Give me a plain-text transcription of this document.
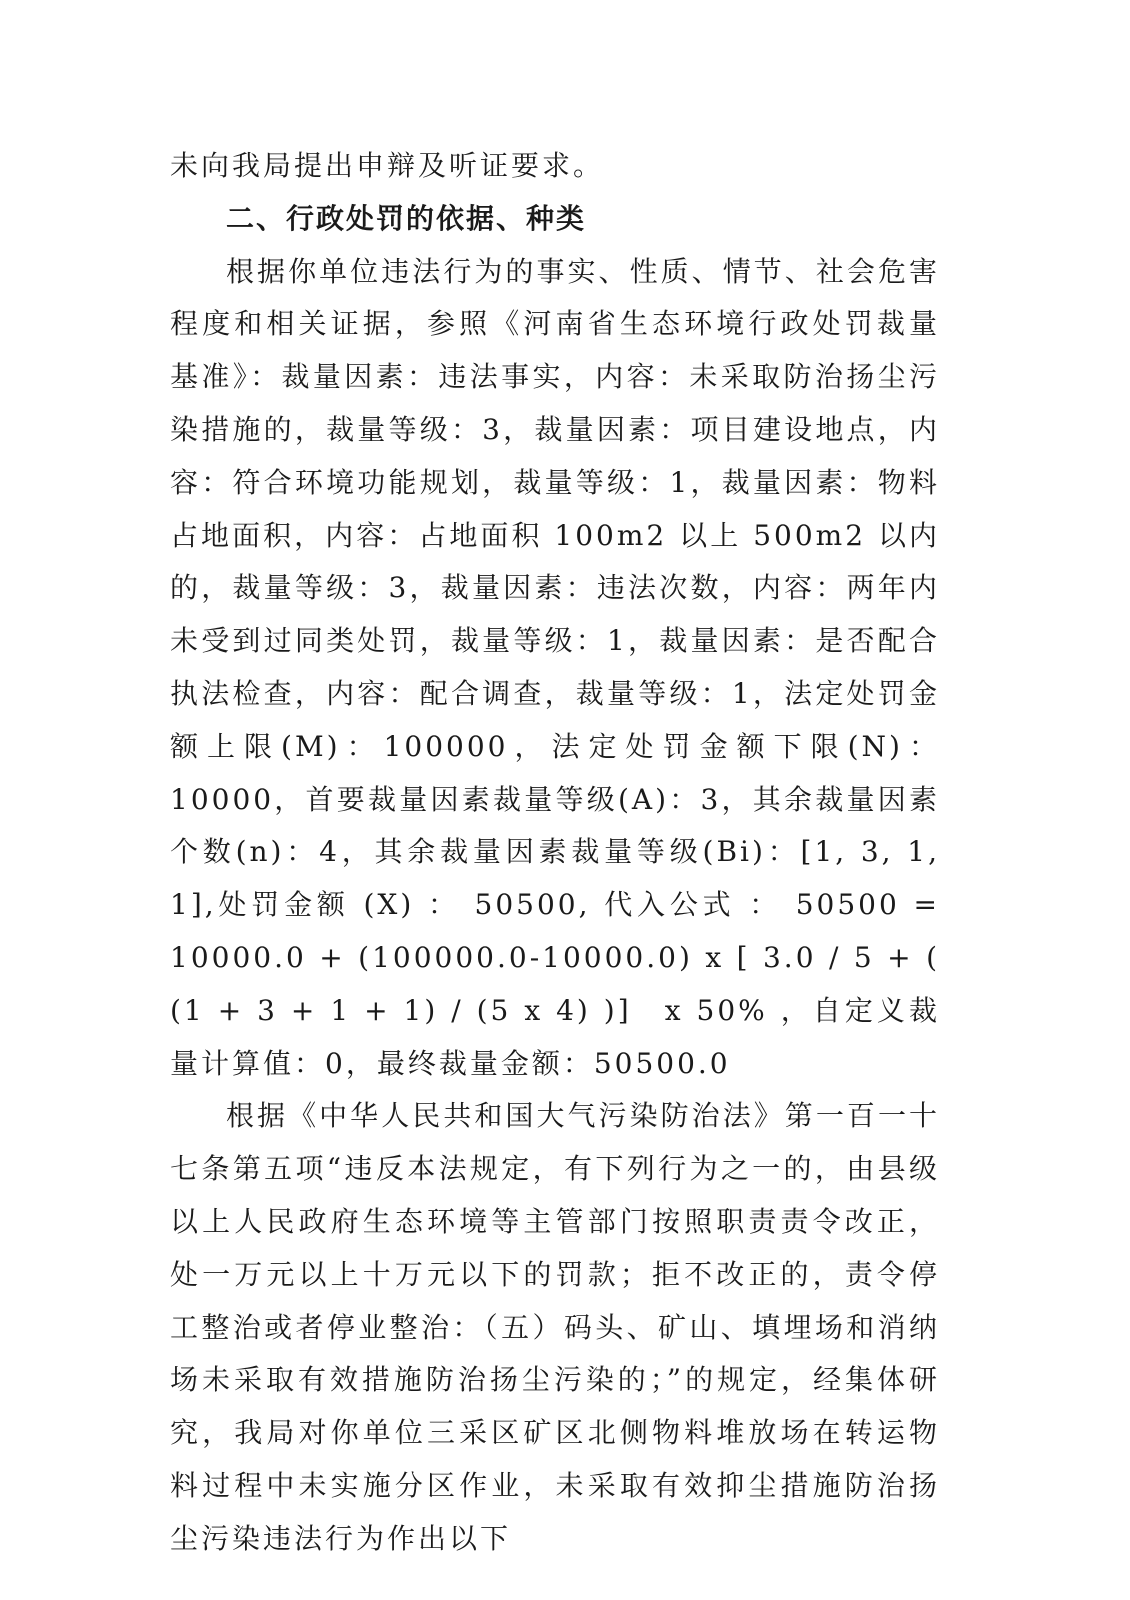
未向我局提出申辩及听证要求。

二、行政处罚的依据、种类

根据你单位违法行为的事实、性质、情节、社会危害程度和相关证据，参照《河南省生态环境行政处罚裁量基准》：裁量因素：违法事实，内容：未采取防治扬尘污染措施的，裁量等级：3，裁量因素：项目建设地点，内容：符合环境功能规划，裁量等级：1，裁量因素：物料占地面积，内容：占地面积 100m2 以上 500m2 以内的，裁量等级：3，裁量因素：违法次数，内容：两年内未受到过同类处罚，裁量等级：1，裁量因素：是否配合执法检查，内容：配合调查，裁量等级：1，法定处罚金额上限(M)：100000，法定处罚金额下限(N)：10000，首要裁量因素裁量等级(A)：3，其余裁量因素个数(n)：4，其余裁量因素裁量等级(Bi)：[1, 3, 1, 1],处罚金额 (X) ： 50500, 代入公式 ： 50500 = 10000.0 + (100000.0-10000.0) x [ 3.0 / 5 + ( (1 + 3 + 1 + 1) / (5 x 4) )]　x 50% ，自定义裁量计算值：0，最终裁量金额：50500.0

根据《中华人民共和国大气污染防治法》第一百一十七条第五项“违反本法规定，有下列行为之一的，由县级以上人民政府生态环境等主管部门按照职责责令改正，处一万元以上十万元以下的罚款；拒不改正的，责令停工整治或者停业整治：（五）码头、矿山、填埋场和消纳场未采取有效措施防治扬尘污染的；”的规定，经集体研究，我局对你单位三采区矿区北侧物料堆放场在转运物料过程中未实施分区作业，未采取有效抑尘措施防治扬尘污染违法行为作出以下
